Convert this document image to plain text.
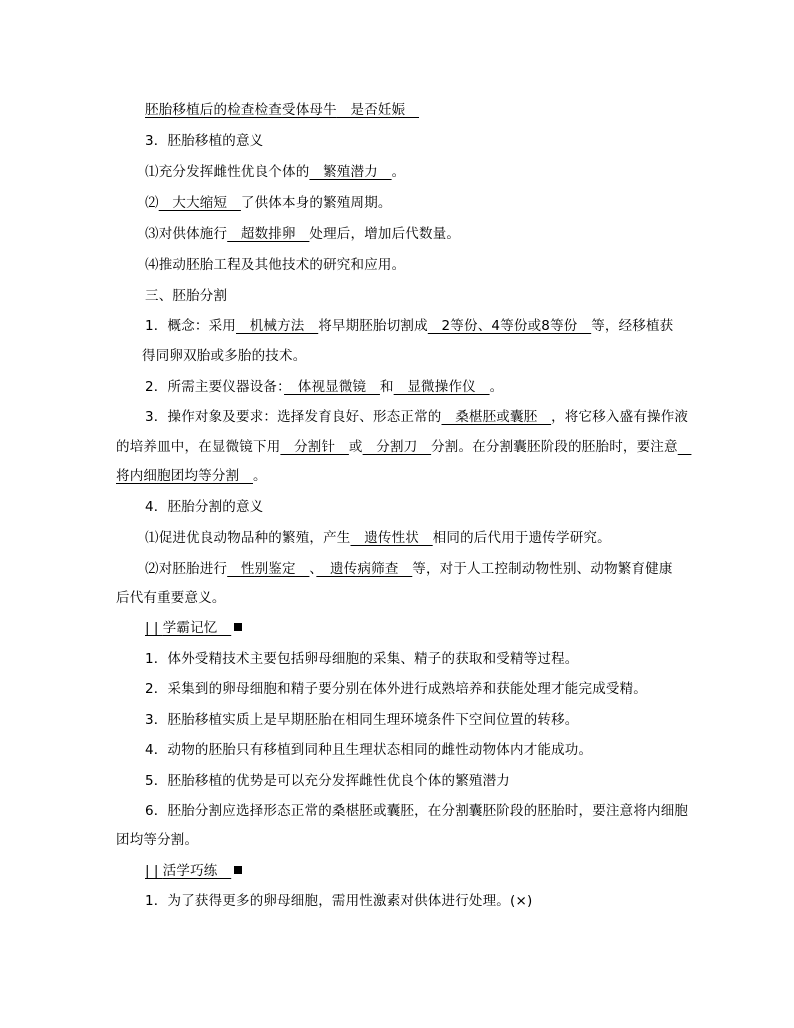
胚胎移植后的检查检查受体母牛　是否妊娠　
3．胚胎移植的意义
⑴充分发挥雌性优良个体的　繁殖潜力　。
⑵　大大缩短　了供体本身的繁殖周期。
⑶对供体施行　超数排卵　处理后，增加后代数量。
⑷推动胚胎工程及其他技术的研究和应用。
三、胚胎分割
1．概念：采用　机械方法　将早期胚胎切割成　2等份、4等份或8等份　等，经移植获
得同卵双胎或多胎的技术。
2．所需主要仪器设备：　体视显微镜　和　显微操作仪　。
3．操作对象及要求：选择发育良好、形态正常的　桑椹胚或囊胚　，将它移入盛有操作液
的培养皿中，在显微镜下用　分割针　或　分割刀　分割。在分割囊胚阶段的胚胎时，要注意　
将内细胞团均等分割　。
4．胚胎分割的意义
⑴促进优良动物品种的繁殖，产生　遗传性状　相同的后代用于遗传学研究。
⑵对胚胎进行　性别鉴定　、　遗传病筛查　等，对于人工控制动物性别、动物繁育健康
后代有重要意义。
| | 学霸记忆　
1．体外受精技术主要包括卵母细胞的采集、精子的获取和受精等过程。
2．采集到的卵母细胞和精子要分别在体外进行成熟培养和获能处理才能完成受精。
3．胚胎移植实质上是早期胚胎在相同生理环境条件下空间位置的转移。
4．动物的胚胎只有移植到同种且生理状态相同的雌性动物体内才能成功。
5．胚胎移植的优势是可以充分发挥雌性优良个体的繁殖潜力
6．胚胎分割应选择形态正常的桑椹胚或囊胚，在分割囊胚阶段的胚胎时，要注意将内细胞
团均等分割。
| | 活学巧练　
1．为了获得更多的卵母细胞，需用性激素对供体进行处理。(×)
